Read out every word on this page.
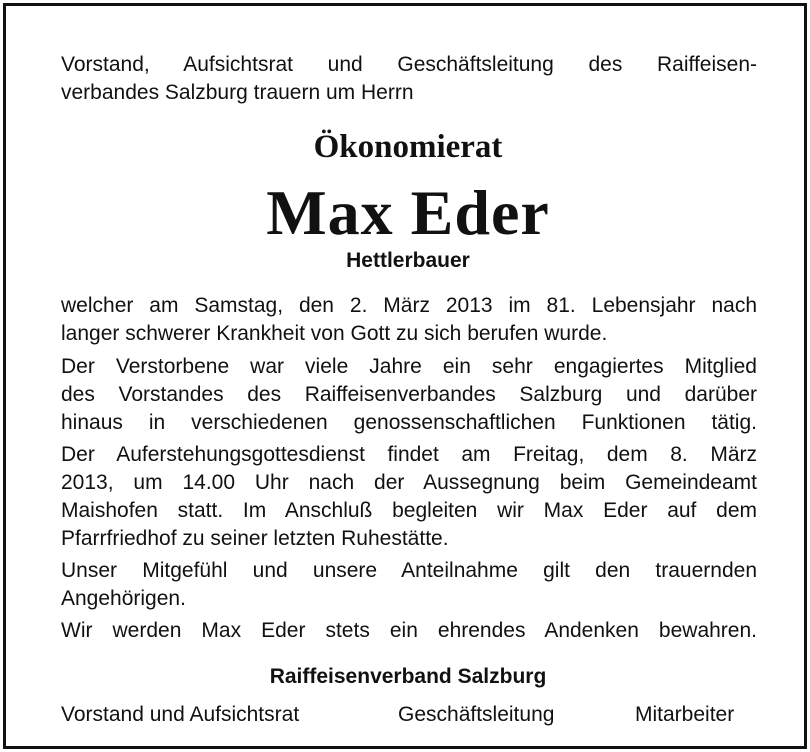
Vorstand, Aufsichtsrat und Geschäftsleitung des Raiffeisen-
verbandes Salzburg trauern um Herrn
Ökonomierat
Max Eder
Hettlerbauer
welcher am Samstag, den 2. März 2013 im 81. Lebensjahr nach
langer schwerer Krankheit von Gott zu sich berufen wurde.
Der Verstorbene war viele Jahre ein sehr engagiertes Mitglied
des Vorstandes des Raiffeisenverbandes Salzburg und darüber
hinaus in verschiedenen genossenschaftlichen Funktionen tätig.
Der Auferstehungsgottesdienst findet am Freitag, dem 8. März
2013, um 14.00 Uhr nach der Aussegnung beim Gemeindeamt
Maishofen statt. Im Anschluß begleiten wir Max Eder auf dem
Pfarrfriedhof zu seiner letzten Ruhestätte.
Unser Mitgefühl und unsere Anteilnahme gilt den trauernden
Angehörigen.
Wir werden Max Eder stets ein ehrendes Andenken bewahren.
Raiffeisenverband Salzburg
Vorstand und Aufsichtsrat	Geschäftsleitung	Mitarbeiter
